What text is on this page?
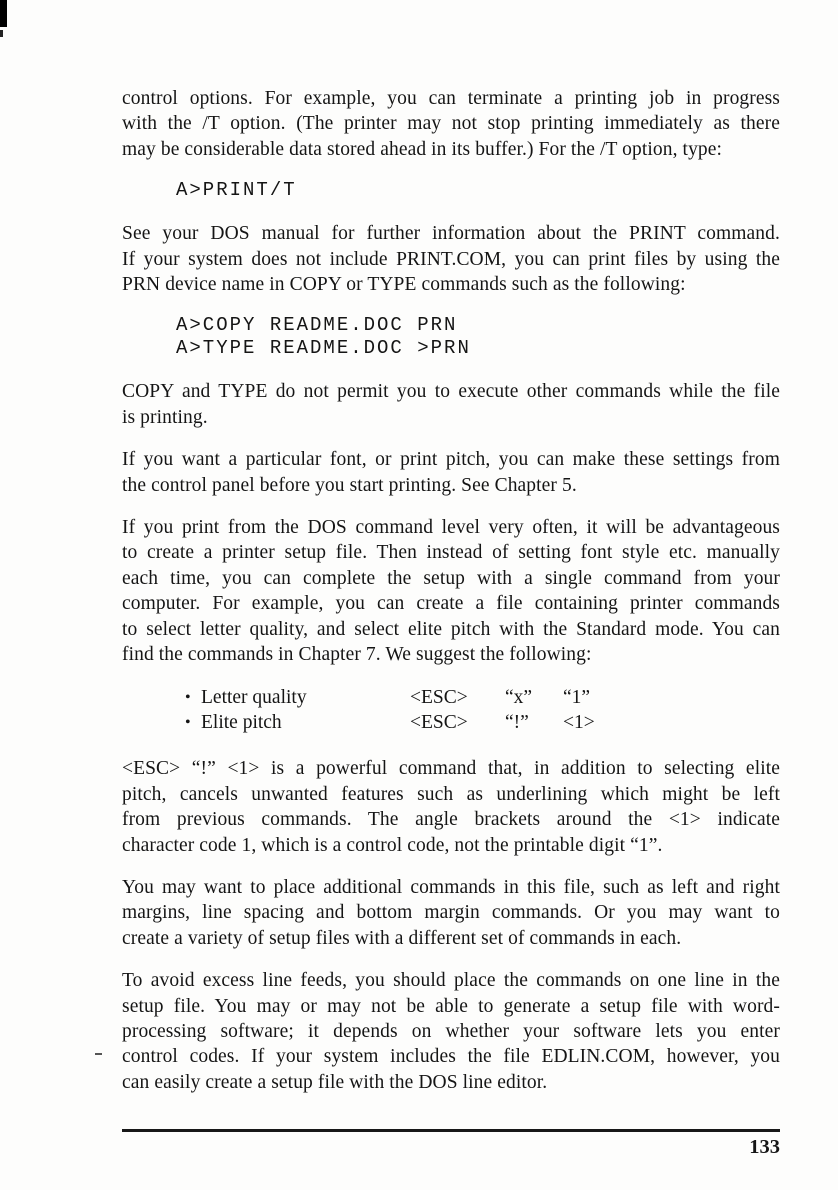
control options. For example, you can terminate a printing job in progress
with the /T option. (The printer may not stop printing immediately as there
may be considerable data stored ahead in its buffer.) For the /T option, type:
A>PRINT/T
See your DOS manual for further information about the PRINT command.
If your system does not include PRINT.COM, you can print files by using the
PRN device name in COPY or TYPE commands such as the following:
A>COPY README.DOC PRN
A>TYPE README.DOC >PRN
COPY and TYPE do not permit you to execute other commands while the file
is printing.
If you want a particular font, or print pitch, you can make these settings from
the control panel before you start printing. See Chapter 5.
If you print from the DOS command level very often, it will be advantageous
to create a printer setup file. Then instead of setting font style etc. manually
each time, you can complete the setup with a single command from your
computer. For example, you can create a file containing printer commands
to select letter quality, and select elite pitch with the Standard mode. You can
find the commands in Chapter 7. We suggest the following:
• Letter quality	<ESC>	“x”	“1”
• Elite pitch	<ESC>	“!”	<1>
<ESC> “!” <1> is a powerful command that, in addition to selecting elite
pitch, cancels unwanted features such as underlining which might be left
from previous commands. The angle brackets around the <1> indicate
character code 1, which is a control code, not the printable digit “1”.
You may want to place additional commands in this file, such as left and right
margins, line spacing and bottom margin commands. Or you may want to
create a variety of setup files with a different set of commands in each.
To avoid excess line feeds, you should place the commands on one line in the
setup file. You may or may not be able to generate a setup file with word-
processing software; it depends on whether your software lets you enter
control codes. If your system includes the file EDLIN.COM, however, you
can easily create a setup file with the DOS line editor.
133
